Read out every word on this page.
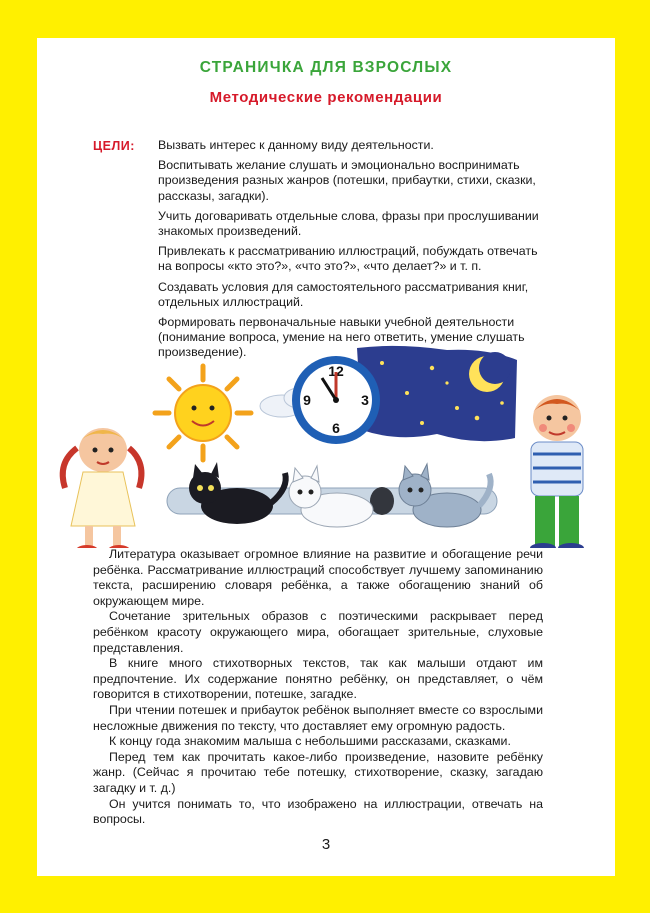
СТРАНИЧКА ДЛЯ ВЗРОСЛЫХ
Методические рекомендации
ЦЕЛИ: Вызвать интерес к данному виду деятельности.

Воспитывать желание слушать и эмоционально воспринимать произведения разных жанров (потешки, прибаутки, стихи, сказки, рассказы, загадки).

Учить договаривать отдельные слова, фразы при прослушивании знакомых произведений.

Привлекать к рассматриванию иллюстраций, побуждать отвечать на вопросы «кто это?», «что это?», «что делает?» и т. п.

Создавать условия для самостоятельного рассматривания книг, отдельных иллюстраций.

Формировать первоначальные навыки учебной деятельности (понимание вопроса, умение на него ответить, умение слушать произведение).

12
3
6
9

Литература оказывает огромное влияние на развитие и обогащение речи ребёнка. Рассматривание иллюстраций способствует лучшему запоминанию текста, расширению словаря ребёнка, а также обогащению знаний об окружающем мире.

Сочетание зрительных образов с поэтическими раскрывает перед ребёнком красоту окружающего мира, обогащает зрительные, слуховые представления.

В книге много стихотворных текстов, так как малыши отдают им предпочтение. Их содержание понятно ребёнку, он представляет, о чём говорится в стихотворении, потешке, загадке.

При чтении потешек и прибауток ребёнок выполняет вместе со взрослыми несложные движения по тексту, что доставляет ему огромную радость.

К концу года знакомим малыша с небольшими рассказами, сказками.

Перед тем как прочитать какое-либо произведение, назовите ребёнку жанр. (Сейчас я прочитаю тебе потешку, стихотворение, сказку, загадаю загадку и т. д.)

Он учится понимать то, что изображено на иллюстрации, отвечать на вопросы.

3
